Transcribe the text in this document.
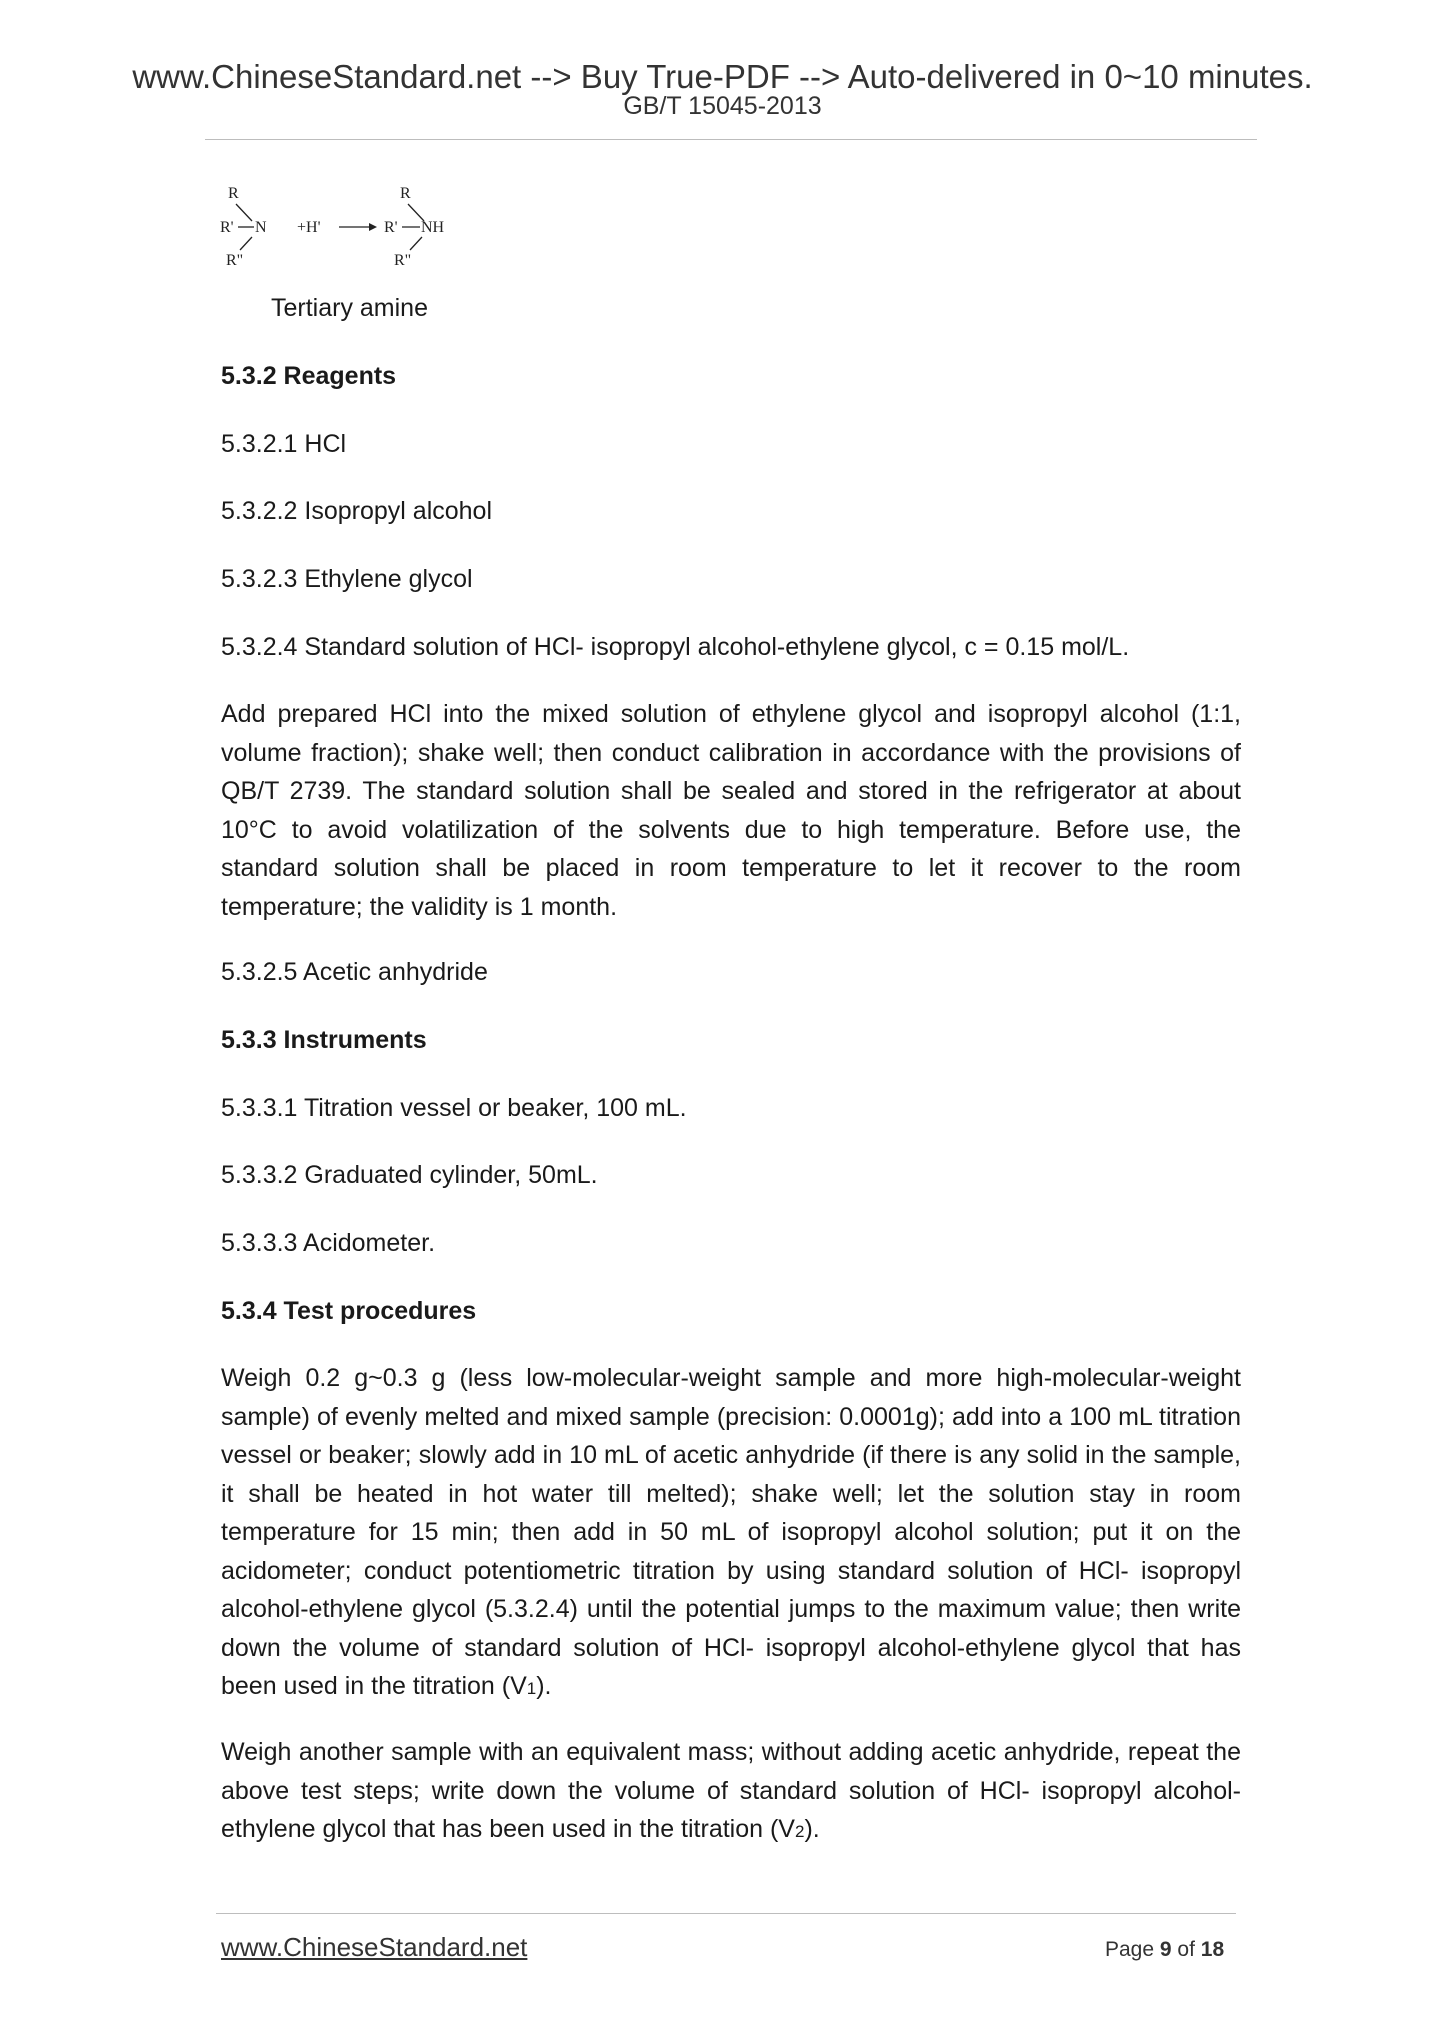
www.ChineseStandard.net --> Buy True-PDF --> Auto-delivered in 0~10 minutes.
GB/T 15045-2013
R
R' N
R"
+H'
R
R' NH
R"
Tertiary amine
5.3.2 Reagents
5.3.2.1 HCl
5.3.2.2 Isopropyl alcohol
5.3.2.3 Ethylene glycol
5.3.2.4 Standard solution of HCl- isopropyl alcohol-ethylene glycol, c = 0.15 mol/L.
Add prepared HCl into the mixed solution of ethylene glycol and isopropyl alcohol (1:1, volume fraction); shake well; then conduct calibration in accordance with the provisions of QB/T 2739. The standard solution shall be sealed and stored in the refrigerator at about 10°C to avoid volatilization of the solvents due to high temperature. Before use, the standard solution shall be placed in room temperature to let it recover to the room temperature; the validity is 1 month.
5.3.2.5 Acetic anhydride
5.3.3 Instruments
5.3.3.1 Titration vessel or beaker, 100 mL.
5.3.3.2 Graduated cylinder, 50mL.
5.3.3.3 Acidometer.
5.3.4 Test procedures
Weigh 0.2 g~0.3 g (less low-molecular-weight sample and more high-molecular-weight sample) of evenly melted and mixed sample (precision: 0.0001g); add into a 100 mL titration vessel or beaker; slowly add in 10 mL of acetic anhydride (if there is any solid in the sample, it shall be heated in hot water till melted); shake well; let the solution stay in room temperature for 15 min; then add in 50 mL of isopropyl alcohol solution; put it on the acidometer; conduct potentiometric titration by using standard solution of HCl- isopropyl alcohol-ethylene glycol (5.3.2.4) until the potential jumps to the maximum value; then write down the volume of standard solution of HCl- isopropyl alcohol-ethylene glycol that has been used in the titration (V1).
Weigh another sample with an equivalent mass; without adding acetic anhydride, repeat the above test steps; write down the volume of standard solution of HCl- isopropyl alcohol-ethylene glycol that has been used in the titration (V2).
www.ChineseStandard.net	Page 9 of 18
